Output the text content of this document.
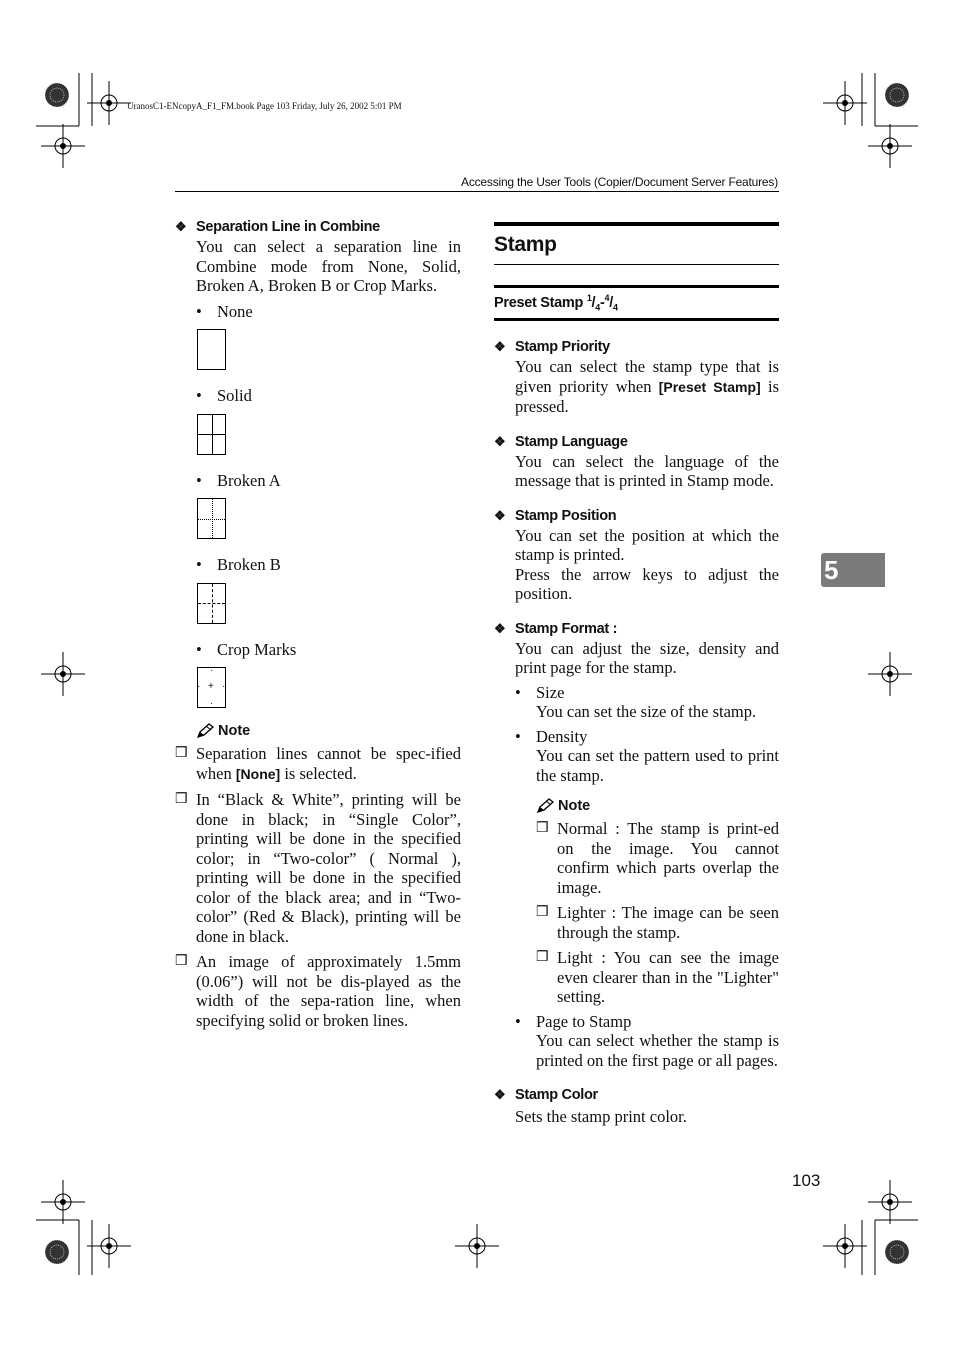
UranosC1-ENcopyA_F1_FM.book Page 103 Friday, July 26, 2002 5:01 PM
Accessing the User Tools (Copier/Document Server Features)
❖ Separation Line in Combine
You can select a separation line in Combine mode from None, Solid, Broken A, Broken B or Crop Marks.
• None
• Solid
• Broken A
• Broken B
• Crop Marks
+
·
·
· ·
Note
❒ Separation lines cannot be spec-ified when [None] is selected.
❒ In “Black & White”, printing will be done in black; in “Single Color”, printing will be done in the specified color; in “Two-color” ( Normal ), printing will be done in the specified color of the black area; and in “Two-color” (Red & Black), printing will be done in black.
❒ An image of approximately 1.5mm (0.06”) will not be dis-played as the width of the sepa-ration line, when specifying solid or broken lines.
Stamp
Preset Stamp $^1/_4-^4/_4$
❖ Stamp Priority
You can select the stamp type that is given priority when [Preset Stamp] is pressed.
❖ Stamp Language
You can select the language of the message that is printed in Stamp mode.
❖ Stamp Position
You can set the position at which the stamp is printed.
Press the arrow keys to adjust the position.
❖ Stamp Format :
You can adjust the size, density and print page for the stamp.
• Size
You can set the size of the stamp.
• Density
You can set the pattern used to print the stamp.
Note
❒ Normal : The stamp is print-ed on the image. You cannot confirm which parts overlap the image.
❒ Lighter : The image can be seen through the stamp.
❒ Light : You can see the image even clearer than in the "Lighter" setting.
• Page to Stamp
You can select whether the stamp is printed on the first page or all pages.
❖ Stamp Color
Sets the stamp print color.
5
103
